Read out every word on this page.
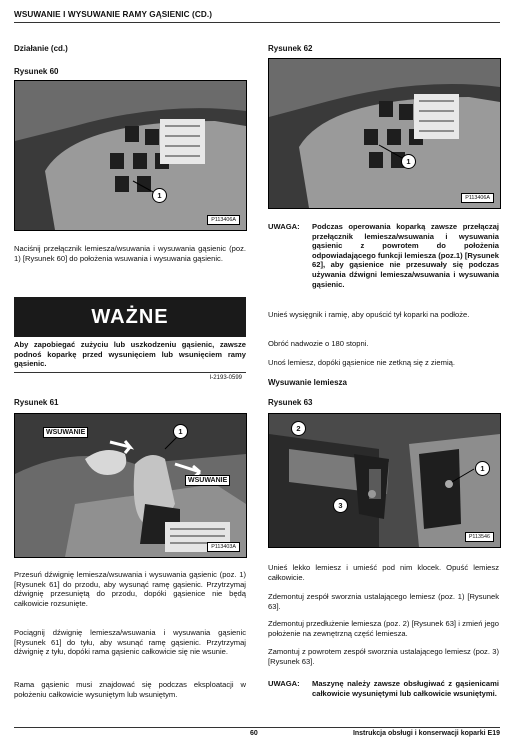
WSUWANIE I WYSUWANIE RAMY GĄSIENIC (CD.)
Działanie (cd.)
Rysunek 60
1
P113406A
Naciśnij przełącznik lemiesza/wsuwania i wysuwania gąsienic (poz. 1) [Rysunek 60] do położenia wsuwania i wysuwania gąsienic.
WAŻNE
Aby zapobiegać zużyciu lub uszkodzeniu gąsienic, zawsze podnoś koparkę przed wysunięciem lub wsunięciem ramy gąsienic.
I-2193-0599
Rysunek 61
WSUWANIE
WSUWANIE
1
P113403A
Przesuń dźwignię lemiesza/wsuwania i wysuwania gąsienic (poz. 1) [Rysunek 61] do przodu, aby wysunąć ramę gąsienic. Przytrzymaj dźwignię przesuniętą do przodu, dopóki gąsienice nie będą całkowicie rozsunięte.
Pociągnij dźwignię lemiesza/wsuwania i wysuwania gąsienic [Rysunek 61] do tyłu, aby wsunąć ramę gąsienic. Przytrzymaj dźwignię z tyłu, dopóki rama gąsienic całkowicie się nie wsunie.
Rama gąsienic musi znajdować się podczas eksploatacji w położeniu całkowicie wysuniętym lub wsuniętym.
Rysunek 62
1
P113406A
UWAGA: Podczas operowania koparką zawsze przełączaj przełącznik lemiesza/wsuwania i wysuwania gąsienic z powrotem do położenia odpowiadającego funkcji lemiesza (poz.1) [Rysunek 62], aby gąsienice nie przesuwały się podczas używania dźwigni lemiesza/wsuwania i wysuwania gąsienic.
Unieś wysięgnik i ramię, aby opuścić tył koparki na podłoże.
Obróć nadwozie o 180 stopni.
Unoś lemiesz, dopóki gąsienice nie zetkną się z ziemią.
Wysuwanie lemiesza
Rysunek 63
2
3
1
P113546
Unieś lekko lemiesz i umieść pod nim klocek. Opuść lemiesz całkowicie.
Zdemontuj zespół sworznia ustalającego lemiesz (poz. 1) [Rysunek 63].
Zdemontuj przedłużenie lemiesza (poz. 2) [Rysunek 63] i zmień jego położenie na zewnętrzną część lemiesza.
Zamontuj z powrotem zespół sworznia ustalającego lemiesz (poz. 3) [Rysunek 63].
UWAGA: Maszynę należy zawsze obsługiwać z gąsienicami całkowicie wysuniętymi lub całkowicie wsuniętymi.
60	Instrukcja obsługi i konserwacji koparki E19
